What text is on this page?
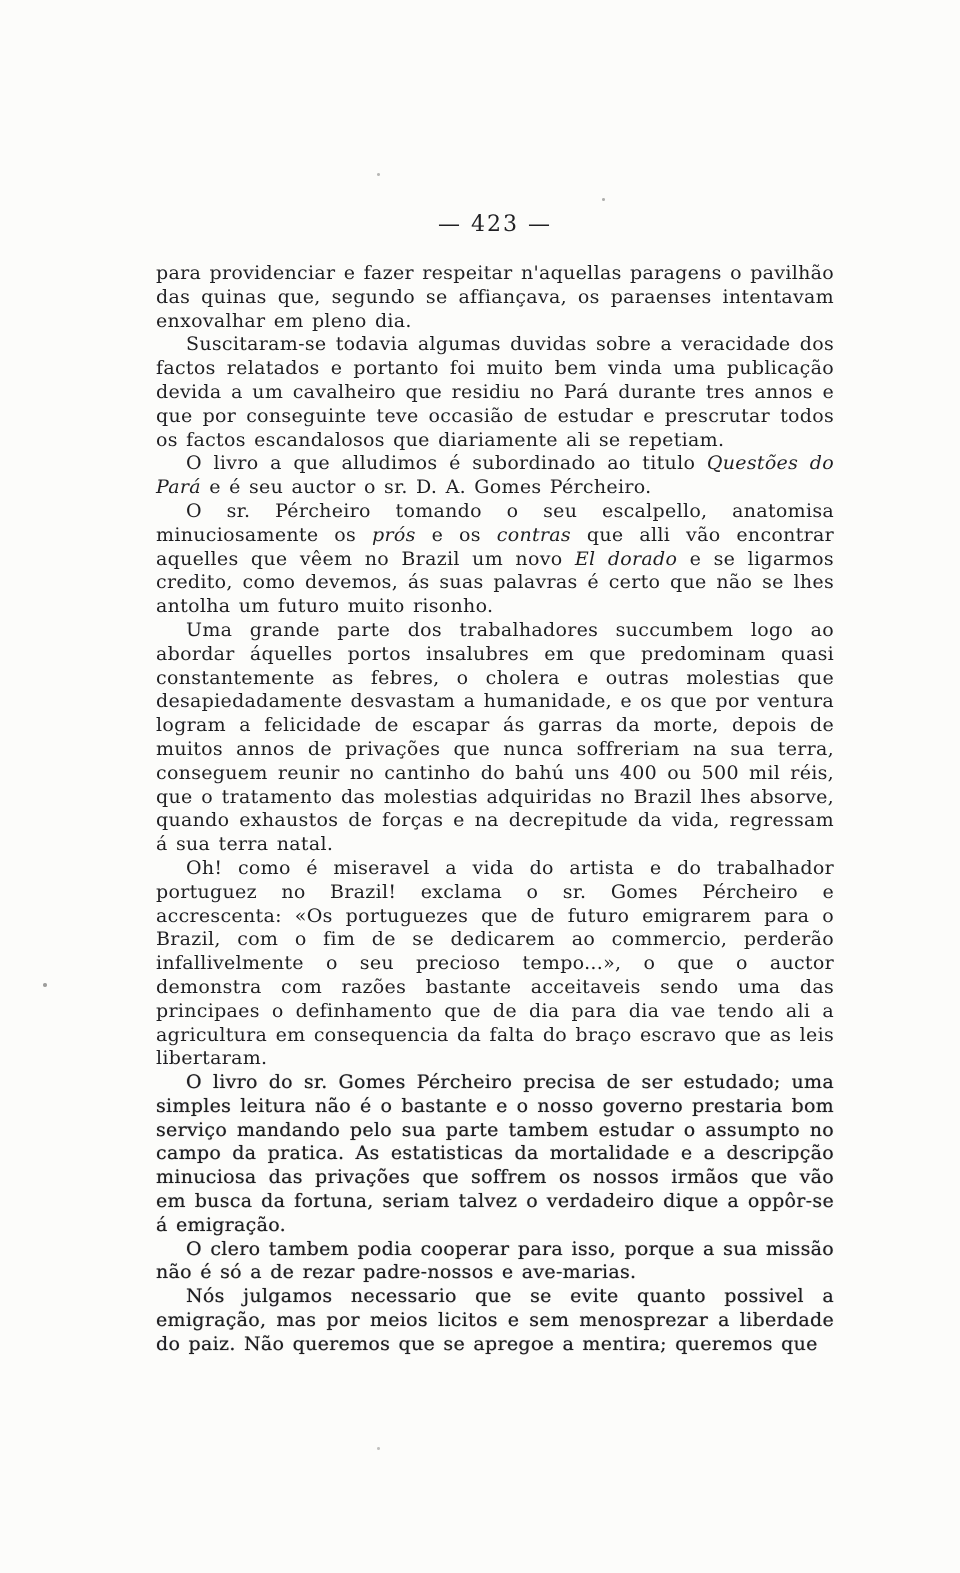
— 423 —

para providenciar e fazer respeitar n'aquellas paragens o pavilhão das quinas que, segundo se affiançava, os paraenses intentavam enxovalhar em pleno dia.

Suscitaram-se todavia algumas duvidas sobre a veracidade dos factos relatados e portanto foi muito bem vinda uma publicação devida a um cavalheiro que residiu no Pará durante tres annos e que por conseguinte teve occasião de estudar e prescrutar todos os factos escandalosos que diariamente ali se repetiam.

O livro a que alludimos é subordinado ao titulo Questões do Pará e é seu auctor o sr. D. A. Gomes Pércheiro.

O sr. Pércheiro tomando o seu escalpello, anatomisa minuciosamente os prós e os contras que alli vão encontrar aquelles que vêem no Brazil um novo El dorado e se ligarmos credito, como devemos, ás suas palavras é certo que não se lhes antolha um futuro muito risonho.

Uma grande parte dos trabalhadores succumbem logo ao abordar áquelles portos insalubres em que predominam quasi constantemente as febres, o cholera e outras molestias que desapiedadamente desvastam a humanidade, e os que por ventura logram a felicidade de escapar ás garras da morte, depois de muitos annos de privações que nunca soffreriam na sua terra, conseguem reunir no cantinho do bahú uns 400 ou 500 mil réis, que o tratamento das molestias adquiridas no Brazil lhes absorve, quando exhaustos de forças e na decrepitude da vida, regressam á sua terra natal.

Oh! como é miseravel a vida do artista e do trabalhador portuguez no Brazil! exclama o sr. Gomes Pércheiro e accrescenta: «Os portuguezes que de futuro emigrarem para o Brazil, com o fim de se dedicarem ao commercio, perderão infallivelmente o seu precioso tempo...», o que o auctor demonstra com razões bastante acceitaveis sendo uma das principaes o definhamento que de dia para dia vae tendo ali a agricultura em consequencia da falta do braço escravo que as leis libertaram.

O livro do sr. Gomes Pércheiro precisa de ser estudado; uma simples leitura não é o bastante e o nosso governo prestaria bom serviço mandando pelo sua parte tambem estudar o assumpto no campo da pratica. As estatisticas da mortalidade e a descripção minuciosa das privações que soffrem os nossos irmãos que vão em busca da fortuna, seriam talvez o verdadeiro dique a oppôr-se á emigração.

O clero tambem podia cooperar para isso, porque a sua missão não é só a de rezar padre-nossos e ave-marias.

Nós julgamos necessario que se evite quanto possivel a emigração, mas por meios licitos e sem menosprezar a liberdade do paiz. Não queremos que se apregoe a mentira; queremos que
